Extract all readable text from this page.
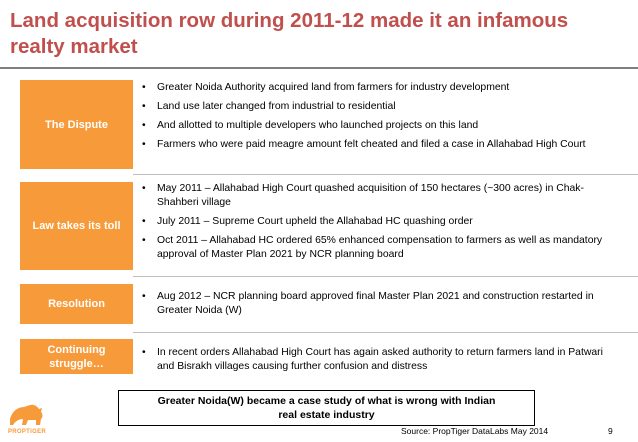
Land acquisition row during 2011-12 made it an infamous realty market
The Dispute
• Greater Noida Authority acquired land from farmers for industry development
• Land use later changed from industrial to residential
• And allotted to multiple developers who launched projects on this land
• Farmers who were paid meagre amount felt cheated and filed a case in Allahabad High Court
Law takes its toll
• May 2011 – Allahabad High Court quashed acquisition of 150 hectares (~300 acres) in Chak-Shahberi village
• July 2011 – Supreme Court upheld the Allahabad HC quashing order
• Oct 2011 – Allahabad HC ordered 65% enhanced compensation to farmers as well as mandatory approval of Master Plan 2021 by NCR planning board
Resolution
• Aug 2012 – NCR planning board approved final Master Plan 2021 and construction restarted in Greater Noida (W)
Continuing struggle…
• In recent orders Allahabad High Court has again asked authority to return farmers land in Patwari and Bisrakh villages causing further confusion and distress
Greater Noida(W) became a case study of what is wrong with Indian real estate industry
Source: PropTiger DataLabs May 2014	9
PROPTIGER
